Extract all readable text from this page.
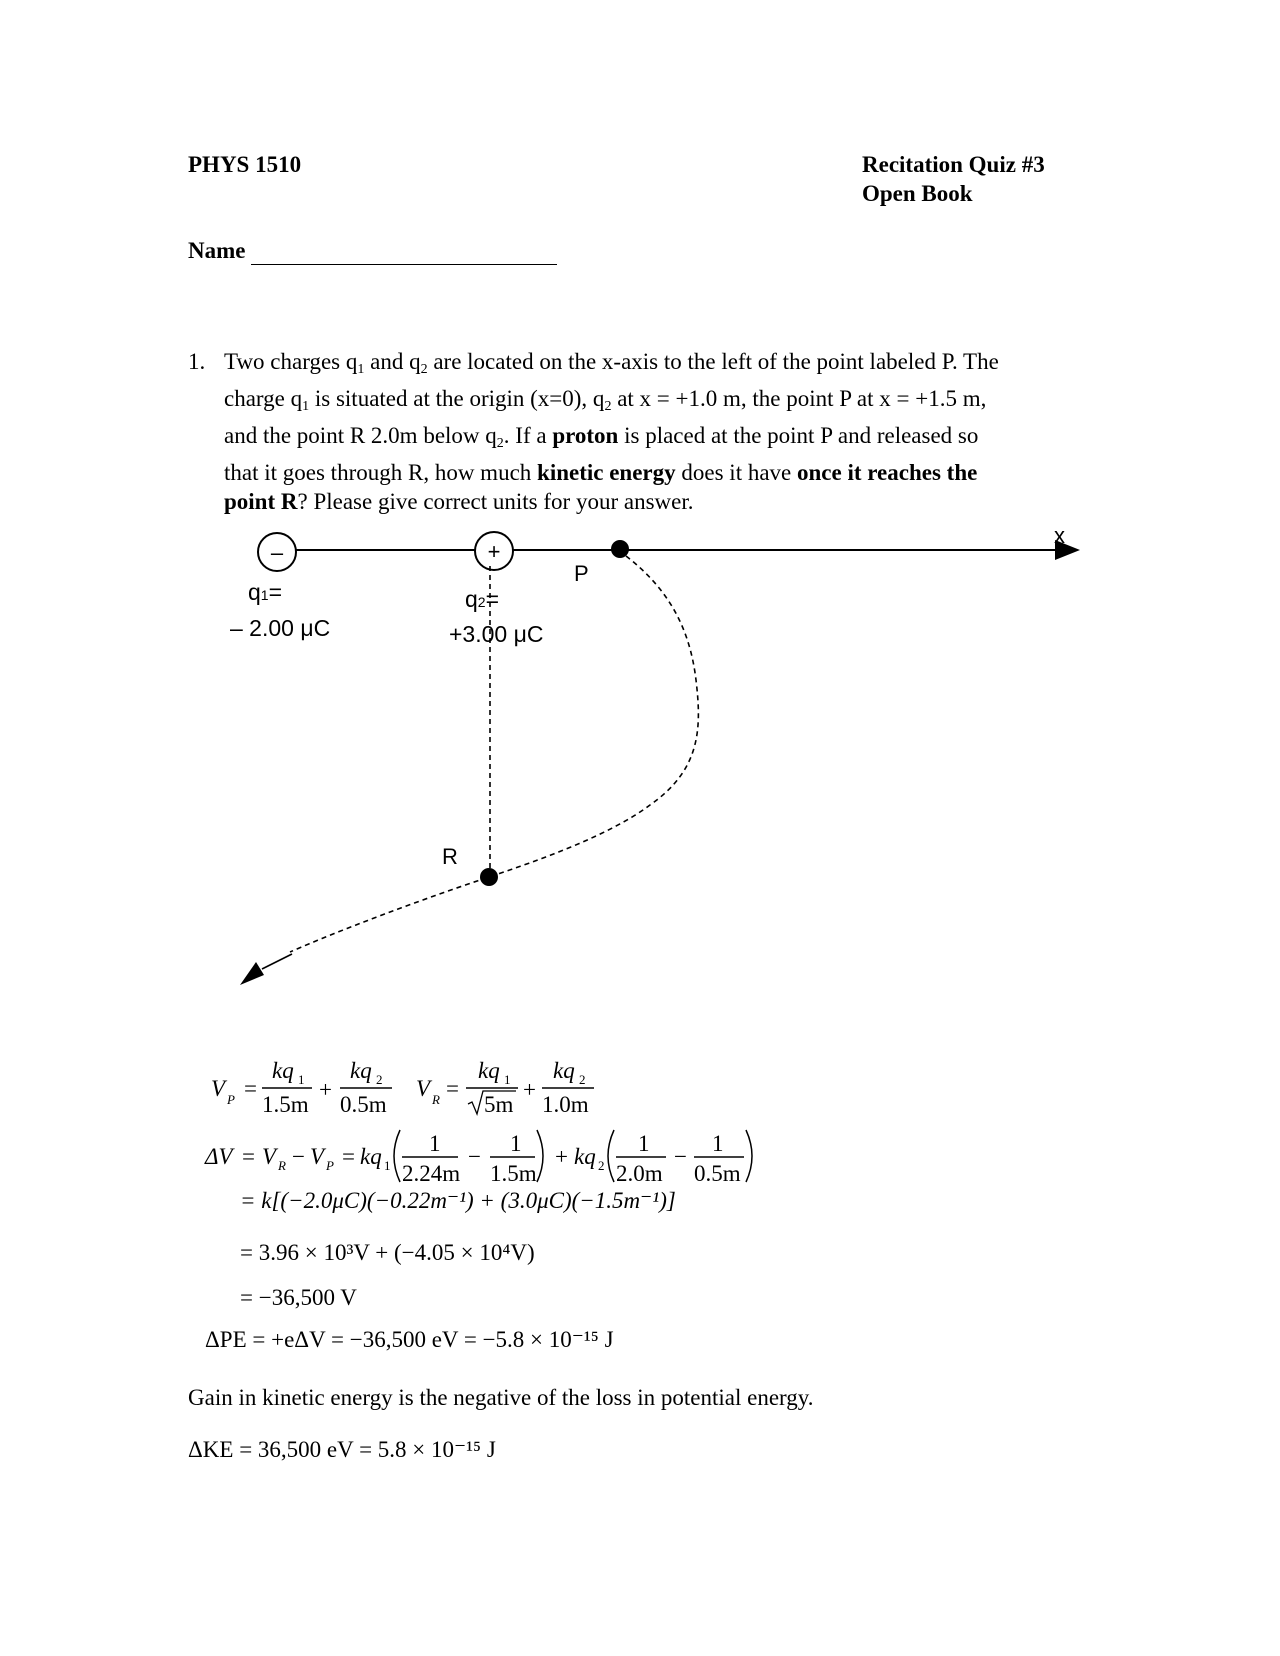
PHYS 1510	Recitation Quiz #3
Open Book
Name
1. Two charges $q_1$ and $q_2$ are located on the x-axis to the left of the point labeled P. The
charge $q_1$ is situated at the origin (x=0), $q_2$ at x = +1.0 m, the point P at x = +1.5 m,
and the point R 2.0m below $q_2$. If a proton is placed at the point P and released so
that it goes through R, how much kinetic energy does it have once it reaches the
point R? Please give correct units for your answer.
x
–	+
P
R
q1=
– 2.00 μC
q2=
+3.00 μC
V P =
kq 1
1.5m
+
kq 2
0.5m
V R =
kq 1
5m
+
kq 2
1.0m
ΔV = V R − V P = kq 1
1
2.24m
−
1
1.5m
+ kq 2
1
2.0m
−
1
0.5m
= k[(−2.0μC)(−0.22m⁻¹) + (3.0μC)(−1.5m⁻¹)]
= 3.96 × 10³V + (−4.05 × 10⁴V)
= −36,500 V
ΔPE = +eΔV = −36,500 eV = −5.8 × 10⁻¹⁵ J
Gain in kinetic energy is the negative of the loss in potential energy.
ΔKE = 36,500 eV = 5.8 × 10⁻¹⁵ J
